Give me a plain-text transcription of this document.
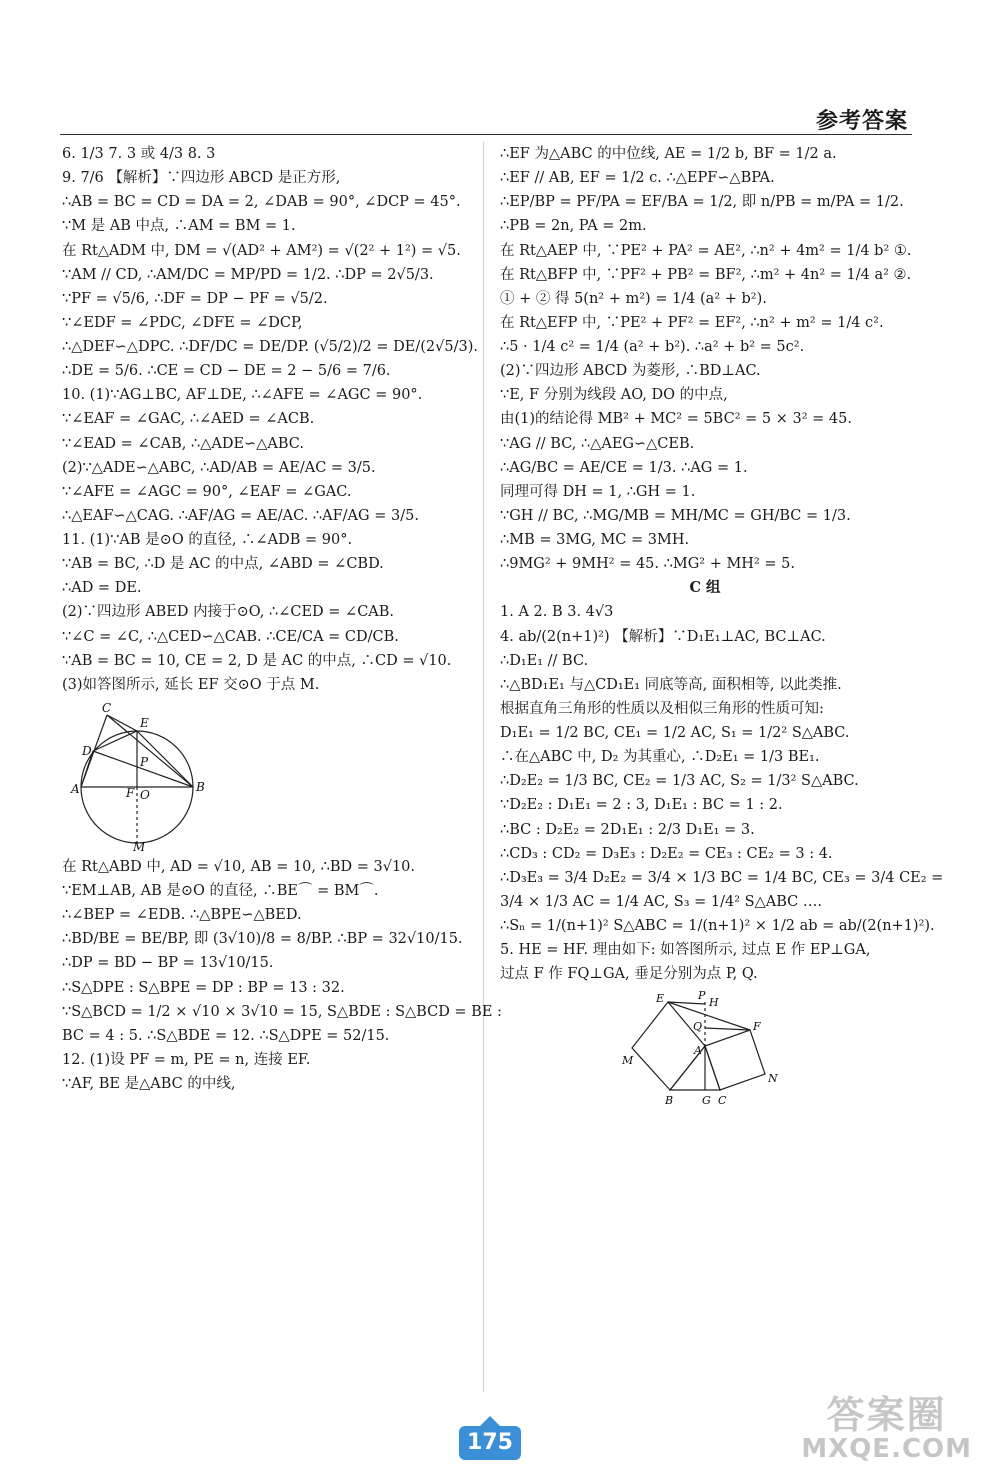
参考答案

6. 1/3 7. 3 或 4/3 8. 3

9. 7/6 【解析】∵四边形 ABCD 是正方形,

∴AB = BC = CD = DA = 2, ∠DAB = 90°, ∠DCP = 45°.

∵M 是 AB 中点, ∴AM = BM = 1.

在 Rt△ADM 中, DM = √(AD² + AM²) = √(2² + 1²) = √5.

∵AM // CD, ∴AM/DC = MP/PD = 1/2. ∴DP = 2√5/3.

∵PF = √5/6, ∴DF = DP − PF = √5/2.

∵∠EDF = ∠PDC, ∠DFE = ∠DCP,

∴△DEF∽△DPC. ∴DF/DC = DE/DP. (√5/2)/2 = DE/(2√5/3).

∴DE = 5/6. ∴CE = CD − DE = 2 − 5/6 = 7/6.

10. (1)∵AG⊥BC, AF⊥DE, ∴∠AFE = ∠AGC = 90°.

∵∠EAF = ∠GAC, ∴∠AED = ∠ACB.

∵∠EAD = ∠CAB, ∴△ADE∽△ABC.

(2)∵△ADE∽△ABC, ∴AD/AB = AE/AC = 3/5.

∵∠AFE = ∠AGC = 90°, ∠EAF = ∠GAC.

∴△EAF∽△CAG. ∴AF/AG = AE/AC. ∴AF/AG = 3/5.

11. (1)∵AB 是⊙O 的直径, ∴∠ADB = 90°.

∵AB = BC, ∴D 是 AC 的中点, ∠ABD = ∠CBD.

∴AD = DE.

(2)∵四边形 ABED 内接于⊙O, ∴∠CED = ∠CAB.

∵∠C = ∠C, ∴△CED∽△CAB. ∴CE/CA = CD/CB.

∵AB = BC = 10, CE = 2, D 是 AC 的中点, ∴CD = √10.

(3)如答图所示, 延长 EF 交⊙O 于点 M.

C
E
D
P
A	F O
B
M

在 Rt△ABD 中, AD = √10, AB = 10, ∴BD = 3√10.

∵EM⊥AB, AB 是⊙O 的直径, ∴BE⌒ = BM⌒.

∴∠BEP = ∠EDB. ∴△BPE∽△BED.

∴BD/BE = BE/BP, 即 (3√10)/8 = 8/BP. ∴BP = 32√10/15.

∴DP = BD − BP = 13√10/15.

∴S△DPE : S△BPE = DP : BP = 13 : 32.

∵S△BCD = 1/2 × √10 × 3√10 = 15, S△BDE : S△BCD = BE :

BC = 4 : 5. ∴S△BDE = 12. ∴S△DPE = 52/15.

12. (1)设 PF = m, PE = n, 连接 EF.

∵AF, BE 是△ABC 的中线,

∴EF 为△ABC 的中位线, AE = 1/2 b, BF = 1/2 a.

∴EF // AB, EF = 1/2 c. ∴△EPF∽△BPA.

∴EP/BP = PF/PA = EF/BA = 1/2, 即 n/PB = m/PA = 1/2.

∴PB = 2n, PA = 2m.

在 Rt△AEP 中, ∵PE² + PA² = AE², ∴n² + 4m² = 1/4 b² ①.

在 Rt△BFP 中, ∵PF² + PB² = BF², ∴m² + 4n² = 1/4 a² ②.

① + ② 得 5(n² + m²) = 1/4 (a² + b²).

在 Rt△EFP 中, ∵PE² + PF² = EF², ∴n² + m² = 1/4 c².

∴5 · 1/4 c² = 1/4 (a² + b²). ∴a² + b² = 5c².

(2)∵四边形 ABCD 为菱形, ∴BD⊥AC.

∵E, F 分别为线段 AO, DO 的中点,

由(1)的结论得 MB² + MC² = 5BC² = 5 × 3² = 45.

∵AG // BC, ∴△AEG∽△CEB.

∴AG/BC = AE/CE = 1/3. ∴AG = 1.

同理可得 DH = 1, ∴GH = 1.

∵GH // BC, ∴MG/MB = MH/MC = GH/BC = 1/3.

∴MB = 3MG, MC = 3MH.

∴9MG² + 9MH² = 45. ∴MG² + MH² = 5.

C 组

1. A 2. B 3. 4√3

4. ab/(2(n+1)²) 【解析】∵D₁E₁⊥AC, BC⊥AC.

∴D₁E₁ // BC.

∴△BD₁E₁ 与△CD₁E₁ 同底等高, 面积相等, 以此类推.

根据直角三角形的性质以及相似三角形的性质可知:

D₁E₁ = 1/2 BC, CE₁ = 1/2 AC, S₁ = 1/2² S△ABC.

∴在△ABC 中, D₂ 为其重心, ∴D₂E₁ = 1/3 BE₁.

∴D₂E₂ = 1/3 BC, CE₂ = 1/3 AC, S₂ = 1/3² S△ABC.

∵D₂E₂ : D₁E₁ = 2 : 3, D₁E₁ : BC = 1 : 2.

∴BC : D₂E₂ = 2D₁E₁ : 2/3 D₁E₁ = 3.

∴CD₃ : CD₂ = D₃E₃ : D₂E₂ = CE₃ : CE₂ = 3 : 4.

∴D₃E₃ = 3/4 D₂E₂ = 3/4 × 1/3 BC = 1/4 BC, CE₃ = 3/4 CE₂ =

3/4 × 1/3 AC = 1/4 AC, S₃ = 1/4² S△ABC ….

∴Sₙ = 1/(n+1)² S△ABC = 1/(n+1)² × 1/2 ab = ab/(2(n+1)²).

5. HE = HF. 理由如下: 如答图所示, 过点 E 作 EP⊥GA,

过点 F 作 FQ⊥GA, 垂足分别为点 P, Q.

E	P
H
Q	F
A
M
N
B	G C
175
答案圈
MXQE.COM
